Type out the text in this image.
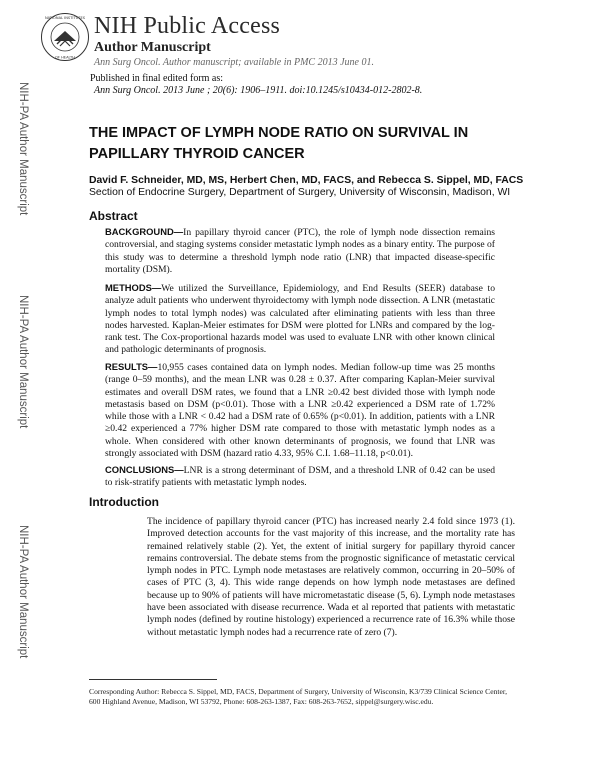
NATIONAL INSTITUTES
OF HEALTH
NIH Public Access
Author Manuscript
Ann Surg Oncol. Author manuscript; available in PMC 2013 June 01.
Published in final edited form as:
Ann Surg Oncol. 2013 June ; 20(6): 1906–1911. doi:10.1245/s10434-012-2802-8.
NIH-PA Author Manuscript
NIH-PA Author Manuscript
NIH-PA Author Manuscript
THE IMPACT OF LYMPH NODE RATIO ON SURVIVAL IN PAPILLARY THYROID CANCER
David F. Schneider, MD, MS, Herbert Chen, MD, FACS, and Rebecca S. Sippel, MD, FACS
Section of Endocrine Surgery, Department of Surgery, University of Wisconsin, Madison, WI
Abstract
BACKGROUND—In papillary thyroid cancer (PTC), the role of lymph node dissection remains controversial, and staging systems consider metastatic lymph nodes as a binary entity. The purpose of this study was to determine a threshold lymph node ratio (LNR) that impacted disease-specific mortality (DSM).
METHODS—We utilized the Surveillance, Epidemiology, and End Results (SEER) database to analyze adult patients who underwent thyroidectomy with lymph node dissection. A LNR (metastatic lymph nodes to total lymph nodes) was calculated after eliminating patients with less than three nodes harvested. Kaplan-Meier estimates for DSM were plotted for LNRs and compared by the log-rank test. The Cox-proportional hazards model was used to evaluate LNR with other known clinical and pathologic determinants of prognosis.
RESULTS—10,955 cases contained data on lymph nodes. Median follow-up time was 25 months (range 0–59 months), and the mean LNR was 0.28 ± 0.37. After comparing Kaplan-Meier survival estimates and overall DSM rates, we found that a LNR ≥0.42 best divided those with lymph node metastasis based on DSM (p<0.01). Those with a LNR ≥0.42 experienced a DSM rate of 1.72% while those with a LNR < 0.42 had a DSM rate of 0.65% (p<0.01). In addition, patients with a LNR ≥0.42 experienced a 77% higher DSM rate compared to those with metastatic lymph nodes as a whole. When considered with other known determinants of prognosis, we found that LNR was strongly associated with DSM (hazard ratio 4.33, 95% C.I. 1.68–11.18, p<0.01).
CONCLUSIONS—LNR is a strong determinant of DSM, and a threshold LNR of 0.42 can be used to risk-stratify patients with metastatic lymph nodes.
Introduction
The incidence of papillary thyroid cancer (PTC) has increased nearly 2.4 fold since 1973 (1). Improved detection accounts for the vast majority of this increase, and the mortality rate has remained relatively stable (2). Yet, the extent of initial surgery for papillary thyroid cancer remains controversial. The debate stems from the prognostic significance of metastatic cervical lymph nodes in PTC. Lymph node metastases are relatively common, occurring in 20–50% of cases of PTC (3, 4). This wide range depends on how lymph node metastases are defined because up to 90% of patients will have micrometastatic disease (5, 6). Lymph node metastases have been associated with disease recurrence. Wada et al reported that patients with metastatic lymph nodes (defined by routine histology) experienced a recurrence rate of 16.3% while those without metastatic lymph nodes had a recurrence rate of zero (7).
Corresponding Author: Rebecca S. Sippel, MD, FACS, Department of Surgery, University of Wisconsin, K3/739 Clinical Science Center, 600 Highland Avenue, Madison, WI 53792, Phone: 608-263-1387, Fax: 608-263-7652, sippel@surgery.wisc.edu.
